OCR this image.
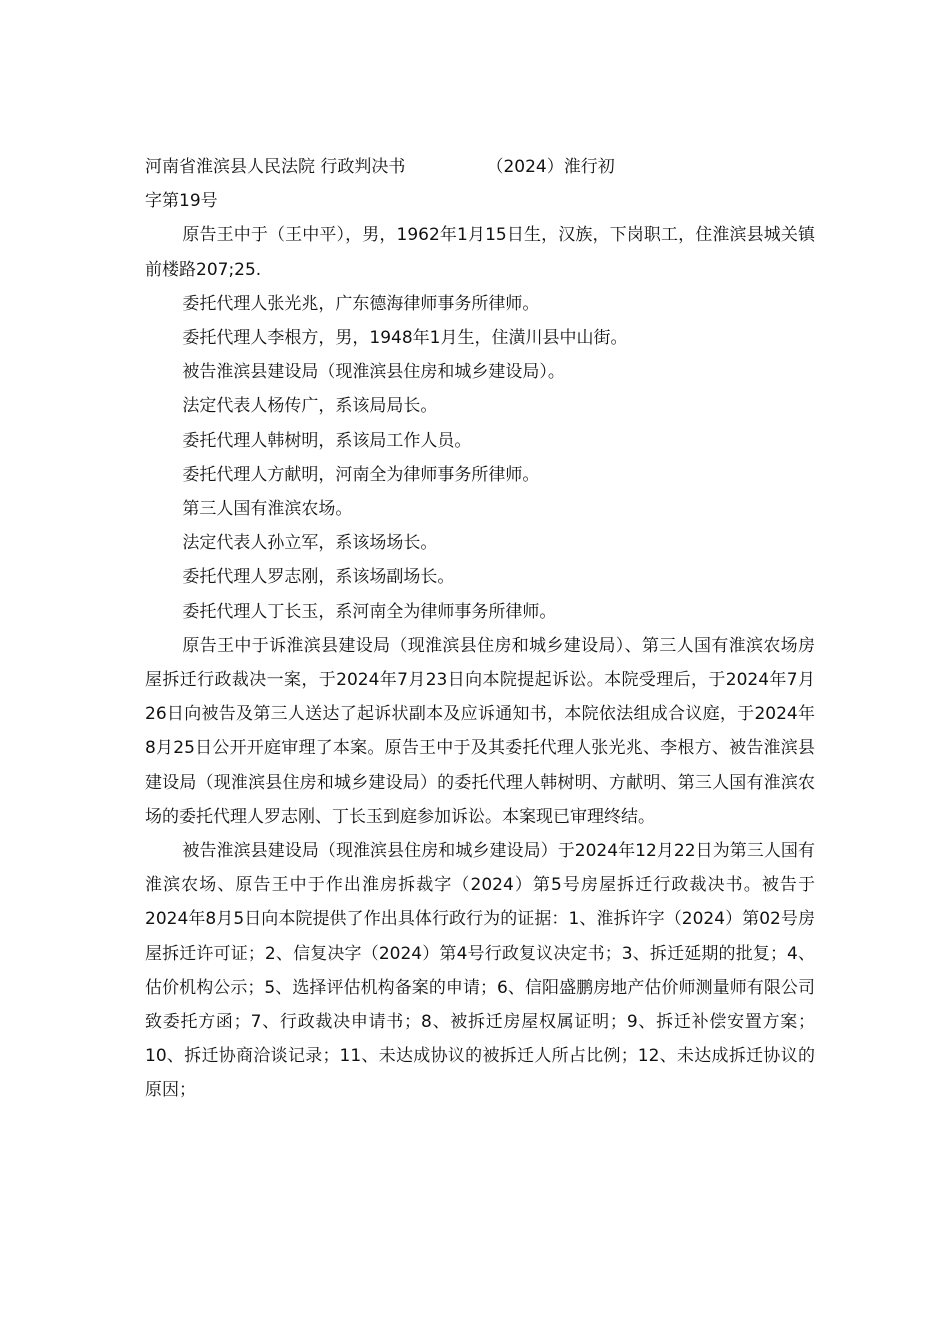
河南省淮滨县人民法院 行政判决书	（2024）淮行初

字第19号

原告王中于（王中平），男，1962年1月15日生，汉族，下岗职工，住淮滨县城关镇前楼路207;25.

委托代理人张光兆，广东德海律师事务所律师。

委托代理人李根方，男，1948年1月生，住潢川县中山街。

被告淮滨县建设局（现淮滨县住房和城乡建设局）。

法定代表人杨传广，系该局局长。

委托代理人韩树明，系该局工作人员。

委托代理人方献明，河南全为律师事务所律师。

第三人国有淮滨农场。

法定代表人孙立军，系该场场长。

委托代理人罗志刚，系该场副场长。

委托代理人丁长玉，系河南全为律师事务所律师。

原告王中于诉淮滨县建设局（现淮滨县住房和城乡建设局）、第三人国有淮滨农场房屋拆迁行政裁决一案，于2024年7月23日向本院提起诉讼。本院受理后，于2024年7月26日向被告及第三人送达了起诉状副本及应诉通知书，本院依法组成合议庭，于2024年8月25日公开开庭审理了本案。原告王中于及其委托代理人张光兆、李根方、被告淮滨县建设局（现淮滨县住房和城乡建设局）的委托代理人韩树明、方献明、第三人国有淮滨农场的委托代理人罗志刚、丁长玉到庭参加诉讼。本案现已审理终结。

被告淮滨县建设局（现淮滨县住房和城乡建设局）于2024年12月22日为第三人国有淮滨农场、原告王中于作出淮房拆裁字（2024）第5号房屋拆迁行政裁决书。被告于2024年8月5日向本院提供了作出具体行政行为的证据：1、淮拆许字（2024）第02号房屋拆迁许可证；2、信复决字（2024）第4号行政复议决定书；3、拆迁延期的批复；4、估价机构公示；5、选择评估机构备案的申请；6、信阳盛鹏房地产估价师测量师有限公司致委托方函；7、行政裁决申请书；8、被拆迁房屋权属证明；9、拆迁补偿安置方案；10、拆迁协商洽谈记录；11、未达成协议的被拆迁人所占比例；12、未达成拆迁协议的原因；
